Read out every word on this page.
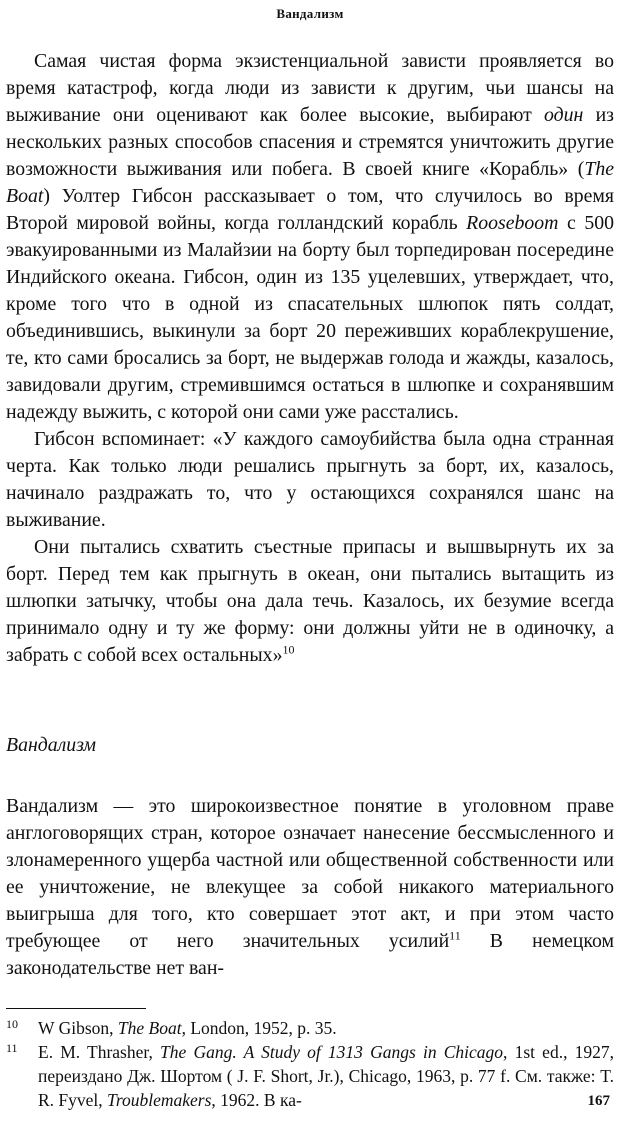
Вандализм

Самая чистая форма экзистенциальной зависти проявляется во время катастроф, когда люди из зависти к другим, чьи шансы на выживание они оценивают как более высокие, выбирают один из нескольких разных способов спасения и стремятся уничтожить другие возможности выживания или побега. В своей книге «Корабль» (The Boat) Уолтер Гибсон рассказывает о том, что случилось во время Второй мировой войны, когда голландский корабль Rooseboom с 500 эвакуированными из Малайзии на борту был торпедирован посередине Индийского океана. Гибсон, один из 135 уцелевших, утверждает, что, кроме того что в одной из спасательных шлюпок пять солдат, объединившись, выкинули за борт 20 переживших кораблекрушение, те, кто сами бросались за борт, не выдержав голода и жажды, казалось, завидовали другим, стремившимся остаться в шлюпке и сохранявшим надежду выжить, с которой они сами уже расстались.

Гибсон вспоминает: «У каждого самоубийства была одна странная черта. Как только люди решались прыгнуть за борт, их, казалось, начинало раздражать то, что у остающихся сохранялся шанс на выживание.

Они пытались схватить съестные припасы и вышвырнуть их за борт. Перед тем как прыгнуть в океан, они пытались вытащить из шлюпки затычку, чтобы она дала течь. Казалось, их безумие всегда принимало одну и ту же форму: они должны уйти не в одиночку, а забрать с собой всех остальных»$^{10}$

Вандализм

Вандализм — это широкоизвестное понятие в уголовном праве англоговорящих стран, которое означает нанесение бессмысленного и злонамеренного ущерба частной или общественной собственности или ее уничтожение, не влекущее за собой никакого материального выигрыша для того, кто совершает этот акт, и при этом часто требующее от него значительных усилий$^{11}$ В немецком законодательстве нет ван-

10	W Gibson, The Boat, London, 1952, p. 35.
11	E. M. Thrasher, The Gang. A Study of 1313 Gangs in Chicago, 1st ed., 1927, переиздано Дж. Шортом ( J. F. Short, Jr.), Chicago, 1963, p. 77 f. См. также: T. R. Fyvel, Troublemakers, 1962. В ка-	167
